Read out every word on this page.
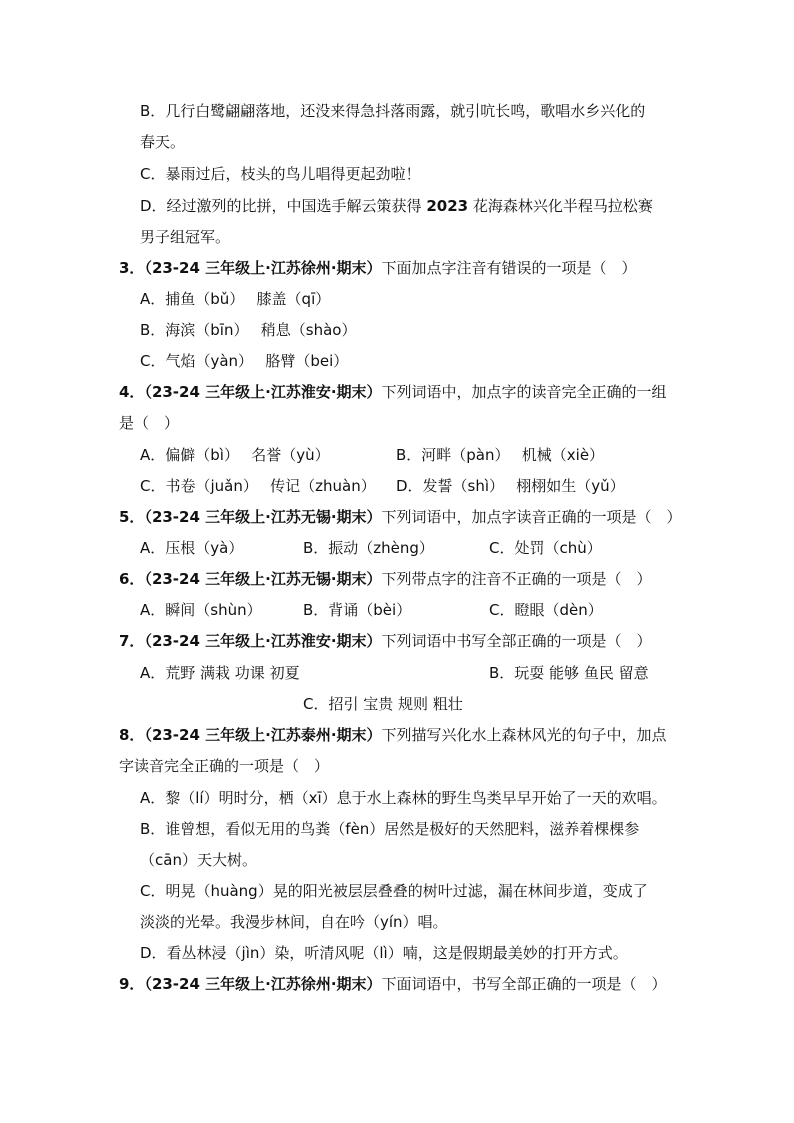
B．几行白鹭翩翩落地，还没来得急抖落雨露，就引吭长鸣，歌唱水乡兴化的
春天。
C．暴雨过后，枝头的鸟儿唱得更起劲啦！
D．经过激列的比拼，中国选手解云策获得 2023 花海森林兴化半程马拉松赛
男子组冠军。
3．（23-24 三年级上·江苏徐州·期末）下面加点字注音有错误的一项是（　）
A．捕鱼（bǔ）　 膝盖（qī）
B．海滨（bīn）　 稍息（shào）
C．气焰（yàn）　 胳臂（bei）
4．（23-24 三年级上·江苏淮安·期末）下列词语中，加点字的读音完全正确的一组
是（　）
A．偏僻（bì）　 名誉（yù）	B．河畔（pàn）　 机械（xiè）
C．书卷（juǎn）　 传记（zhuàn） D．发誓（shì）　 栩栩如生（yǔ）
5．（23-24 三年级上·江苏无锡·期末）下列词语中，加点字读音正确的一项是（　）
A．压根（yà）	B．振动（zhèng）	C．处罚（chù）
6．（23-24 三年级上·江苏无锡·期末）下列带点字的注音不正确的一项是（　）
A．瞬间（shùn）	B．背诵（bèi）	C．瞪眼（dèn）
7．（23-24 三年级上·江苏淮安·期末）下列词语中书写全部正确的一项是（　）
A．荒野 满栽 功课 初夏	B．玩耍 能够 鱼民 留意
C．招引 宝贵 规则 粗壮
8．（23-24 三年级上·江苏泰州·期末）下列描写兴化水上森林风光的句子中，加点
字读音完全正确的一项是（　）
A．黎（lí）明时分，栖（xī）息于水上森林的野生鸟类早早开始了一天的欢唱。
B．谁曾想，看似无用的鸟粪（fèn）居然是极好的天然肥料，滋养着棵棵参
（cān）天大树。
C．明晃（huàng）晃的阳光被层层叠叠的树叶过滤，漏在林间步道，变成了
淡淡的光晕。我漫步林间，自在吟（yín）唱。
D．看丛林浸（jìn）染，听清风呢（lì）喃，这是假期最美妙的打开方式。
9．（23-24 三年级上·江苏徐州·期末）下面词语中，书写全部正确的一项是（　）
